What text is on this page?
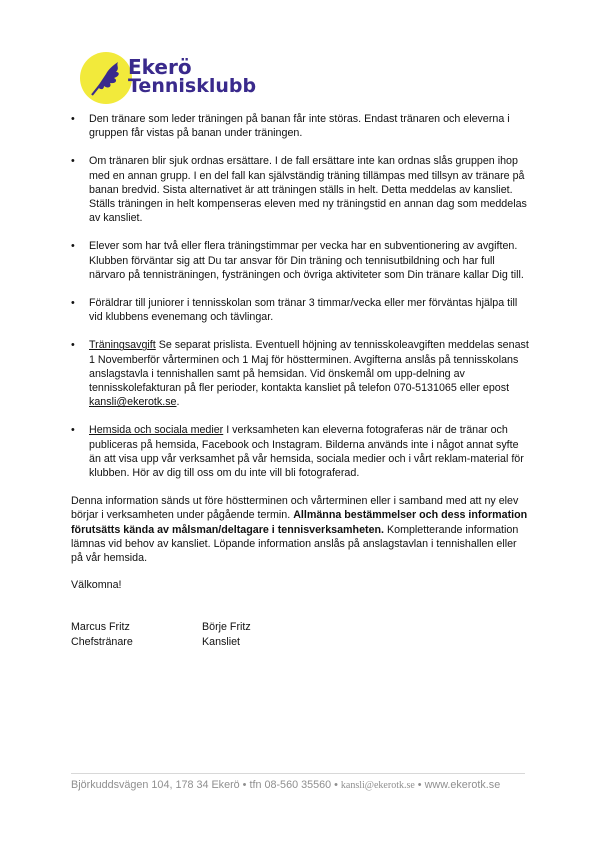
Ekerö
Tennisklubb
• Den tränare som leder träningen på banan får inte störas. Endast tränaren och eleverna i gruppen får vistas på banan under träningen.
• Om tränaren blir sjuk ordnas ersättare. I de fall ersättare inte kan ordnas slås gruppen ihop med en annan grupp. I en del fall kan självständig träning tillämpas med tillsyn av tränare på banan bredvid. Sista alternativet är att träningen ställs in helt. Detta meddelas av kansliet. Ställs träningen in helt kompenseras eleven med ny träningstid en annan dag som meddelas av kansliet.
• Elever som har två eller flera träningstimmar per vecka har en subventionering av avgiften. Klubben förväntar sig att Du tar ansvar för Din träning och tennisutbildning och har full närvaro på tennisträningen, fysträningen och övriga aktiviteter som Din tränare kallar Dig till.
• Föräldrar till juniorer i tennisskolan som tränar 3 timmar/vecka eller mer förväntas hjälpa till vid klubbens evenemang och tävlingar.
• Träningsavgift Se separat prislista. Eventuell höjning av tennisskoleavgiften meddelas senast 1 Novemberför vårterminen och 1 Maj för höstterminen. Avgifterna anslås på tennisskolans anslagstavla i tennishallen samt på hemsidan. Vid önskemål om upp-delning av tennisskolefakturan på fler perioder, kontakta kansliet på telefon 070-5131065 eller epost kansli@ekerotk.se.
• Hemsida och sociala medier I verksamheten kan eleverna fotograferas när de tränar och publiceras på hemsida, Facebook och Instagram. Bilderna används inte i något annat syfte än att visa upp vår verksamhet på vår hemsida, sociala medier och i vårt reklam-material för klubben. Hör av dig till oss om du inte vill bli fotograferad.

Denna information sänds ut före höstterminen och vårterminen eller i samband med att ny elev börjar i verksamheten under pågående termin. Allmänna bestämmelser och dess information förutsätts kända av målsman/deltagare i tennisverksamheten. Kompletterande information lämnas vid behov av kansliet. Löpande information anslås på anslagstavlan i tennishallen eller på vår hemsida.

Välkomna!

Marcus Fritz
Chefstränare
Börje Fritz
Kansliet
Björkuddsvägen 104, 178 34 Ekerö • tfn 08-560 35560 • kansli@ekerotk.se • www.ekerotk.se
